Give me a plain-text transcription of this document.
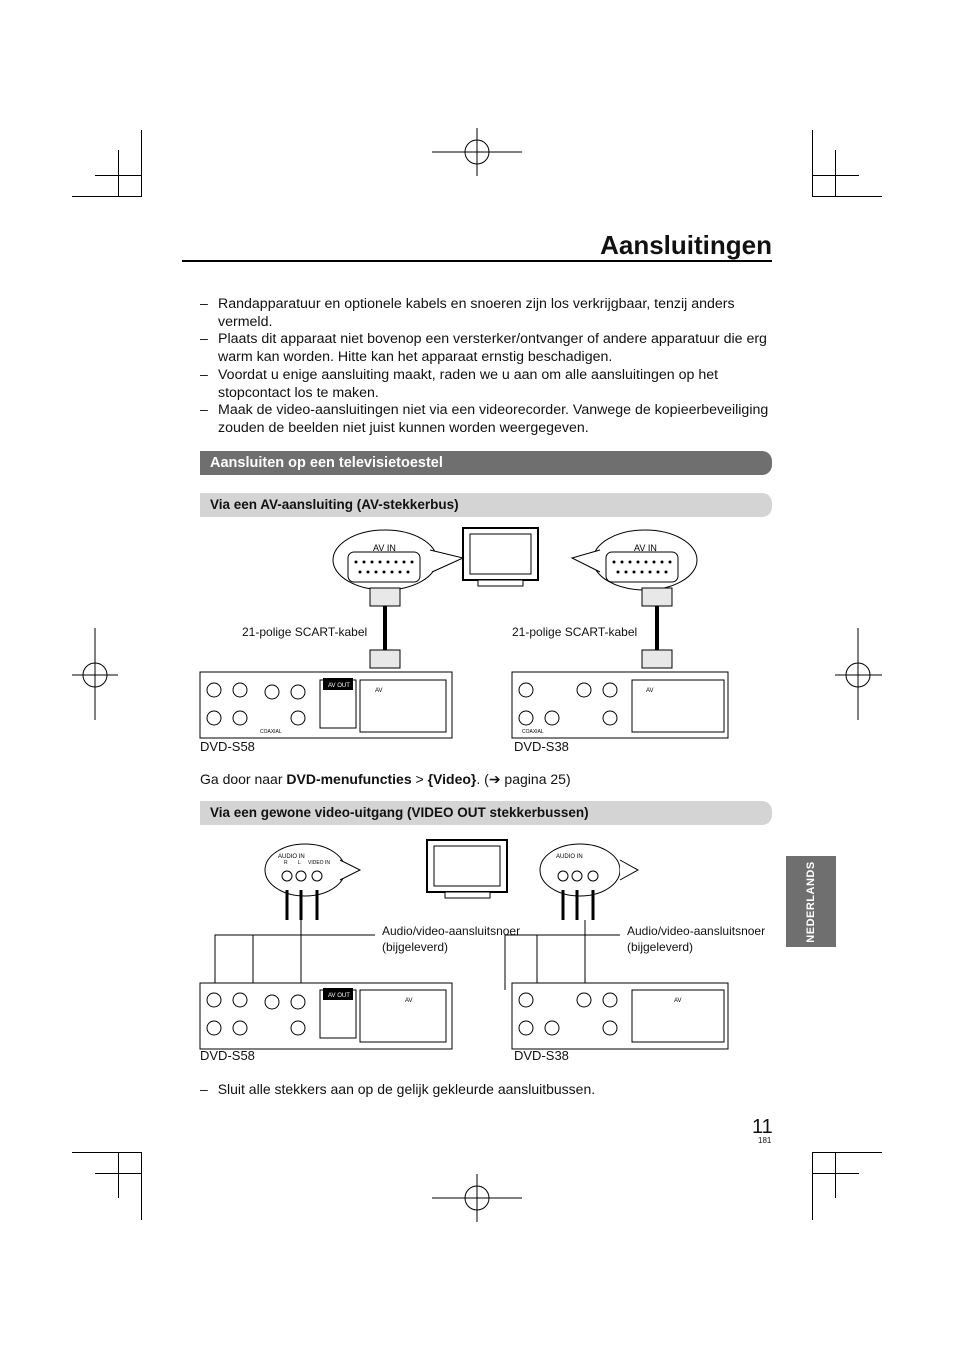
Aansluitingen
– Randapparatuur en optionele kabels en snoeren zijn los verkrijgbaar, tenzij anders vermeld.
– Plaats dit apparaat niet bovenop een versterker/ontvanger of andere apparatuur die erg warm kan worden. Hitte kan het apparaat ernstig beschadigen.
– Voordat u enige aansluiting maakt, raden we u aan om alle aansluitingen op het stopcontact los te maken.
– Maak de video-aansluitingen niet via een videorecorder. Vanwege de kopieerbeveiliging zouden de beelden niet juist kunnen worden weergegeven.
Aansluiten op een televisietoestel
Via een AV-aansluiting (AV-stekkerbus)
AV IN	AV IN
AV OUT
AV
COAXIAL
AV
COAXIAL
21-polige SCART-kabel	21-polige SCART-kabel
DVD-S58	DVD-S38
Ga door naar DVD-menufuncties > {Video}. (➔ pagina 25)
Via een gewone video-uitgang (VIDEO OUT stekkerbussen)
AUDIO IN
R L VIDEO IN
AUDIO IN
AV OUT
AV	AV
Audio/video-aansluitsnoer
(bijgeleverd)
Audio/video-aansluitsnoer
(bijgeleverd)
DVD-S58	DVD-S38
– Sluit alle stekkers aan op de gelijk gekleurde aansluitbussen.
NEDERLANDS
11
181
